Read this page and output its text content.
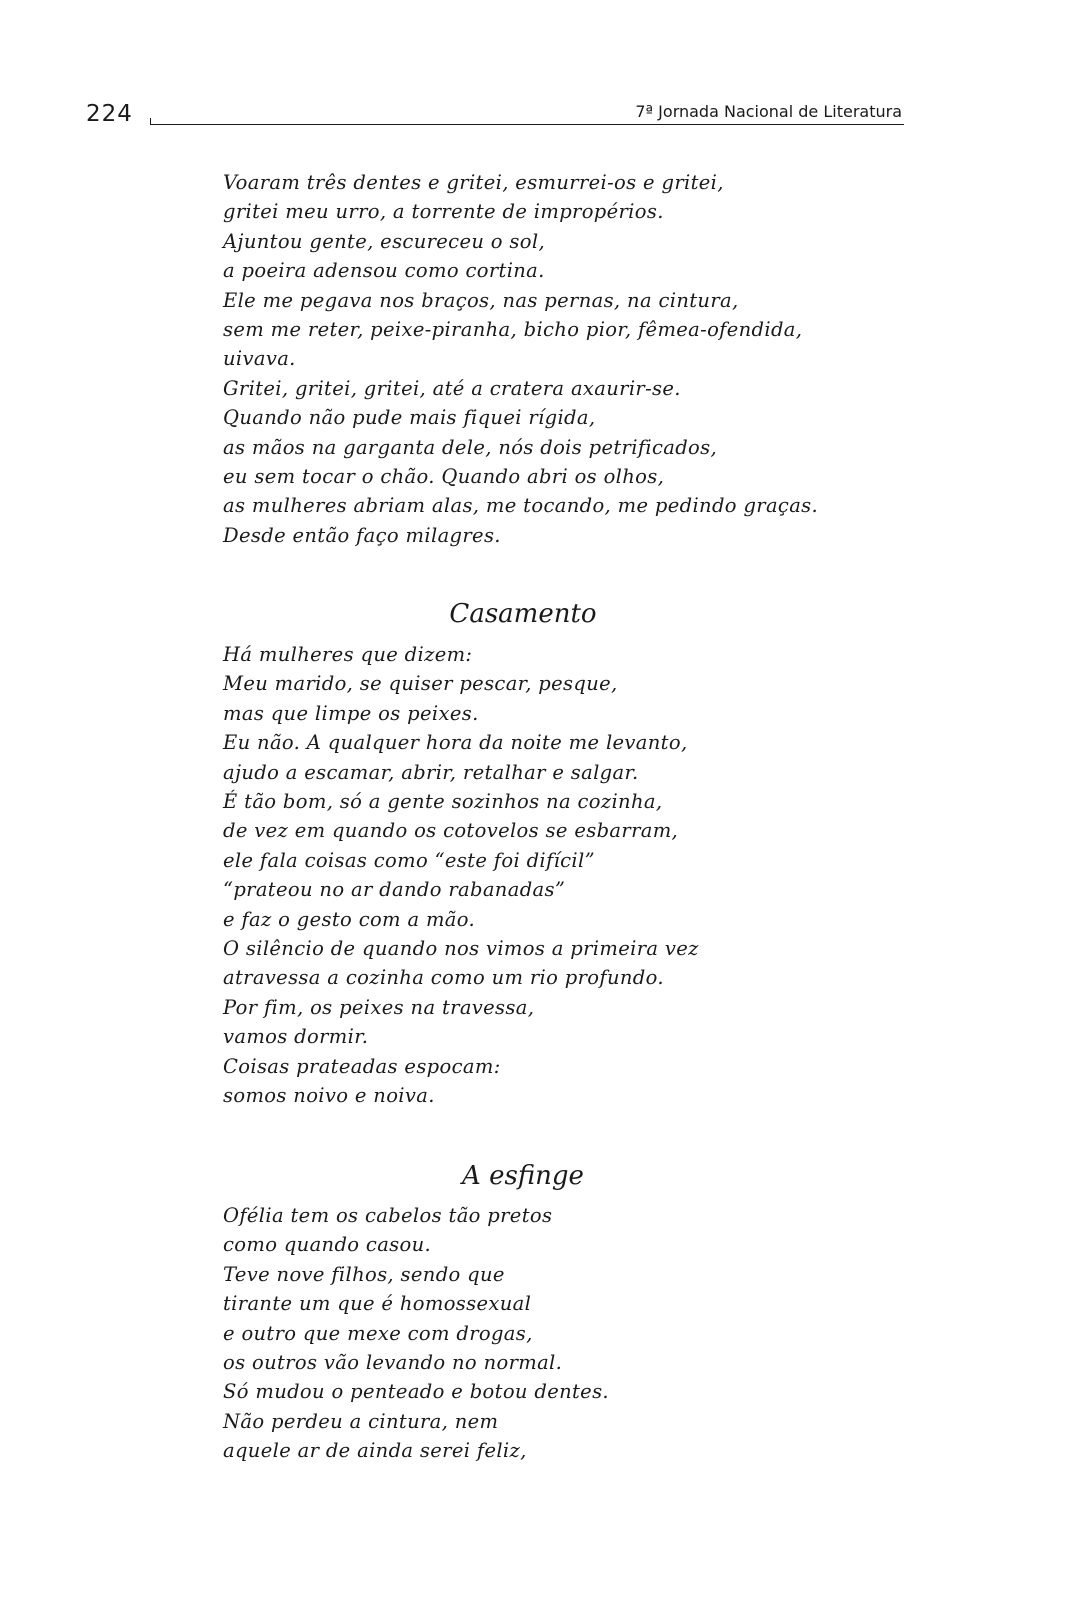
224	7ª Jornada Nacional de Literatura
Voaram três dentes e gritei, esmurrei-os e gritei,
gritei meu urro, a torrente de impropérios.
Ajuntou gente, escureceu o sol,
a poeira adensou como cortina.
Ele me pegava nos braços, nas pernas, na cintura,
sem me reter, peixe-piranha, bicho pior, fêmea-ofendida,
uivava.
Gritei, gritei, gritei, até a cratera axaurir-se.
Quando não pude mais fiquei rígida,
as mãos na garganta dele, nós dois petrificados,
eu sem tocar o chão. Quando abri os olhos,
as mulheres abriam alas, me tocando, me pedindo graças.
Desde então faço milagres.
Casamento
Há mulheres que dizem:
Meu marido, se quiser pescar, pesque,
mas que limpe os peixes.
Eu não. A qualquer hora da noite me levanto,
ajudo a escamar, abrir, retalhar e salgar.
É tão bom, só a gente sozinhos na cozinha,
de vez em quando os cotovelos se esbarram,
ele fala coisas como “este foi difícil”
“prateou no ar dando rabanadas”
e faz o gesto com a mão.
O silêncio de quando nos vimos a primeira vez
atravessa a cozinha como um rio profundo.
Por fim, os peixes na travessa,
vamos dormir.
Coisas prateadas espocam:
somos noivo e noiva.
A esfinge
Ofélia tem os cabelos tão pretos
como quando casou.
Teve nove filhos, sendo que
tirante um que é homossexual
e outro que mexe com drogas,
os outros vão levando no normal.
Só mudou o penteado e botou dentes.
Não perdeu a cintura, nem
aquele ar de ainda serei feliz,
